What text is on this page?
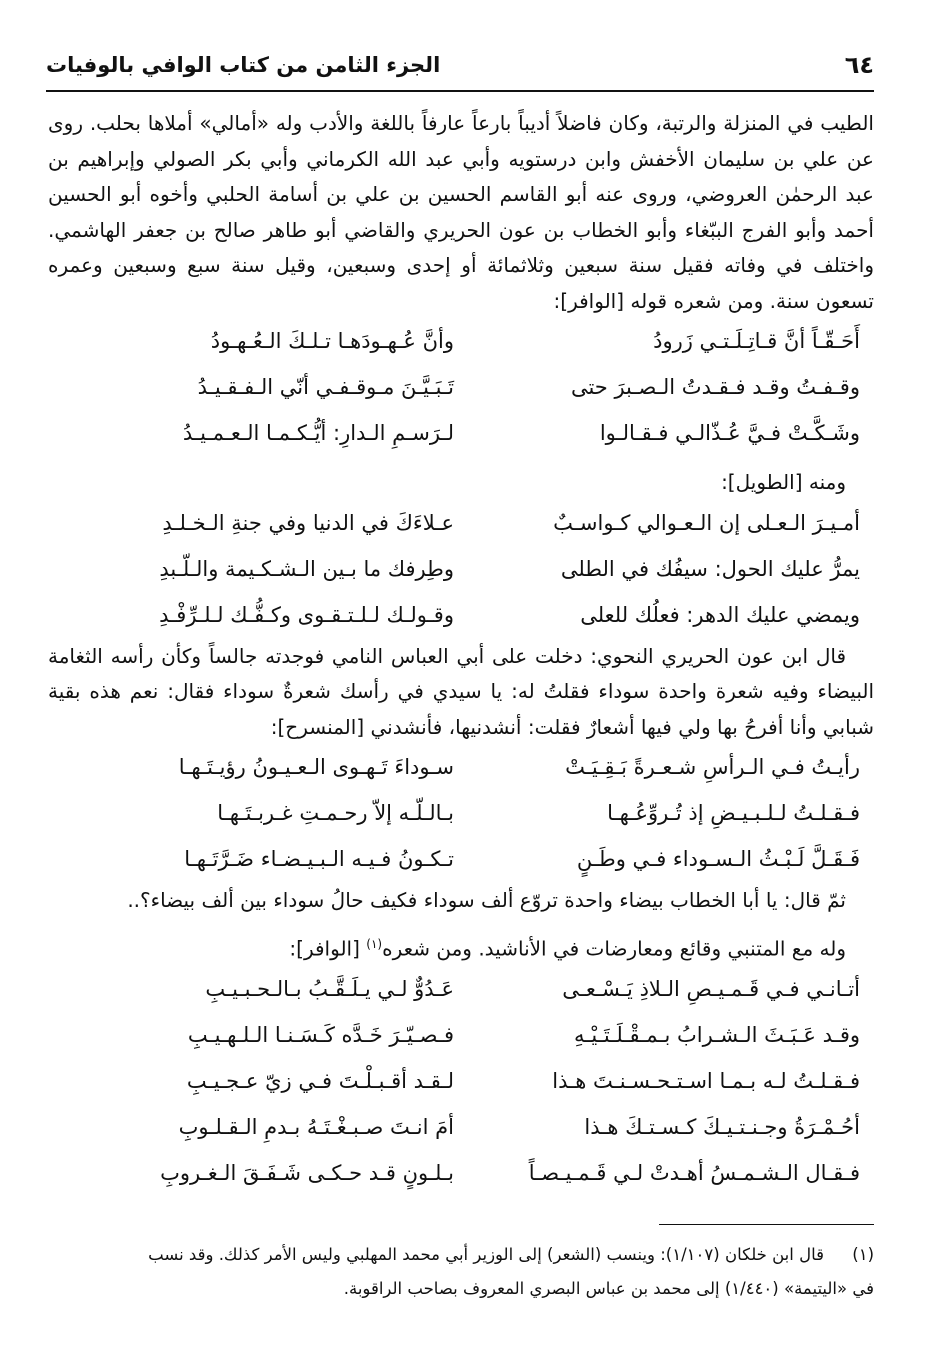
٦٤
الجزء الثامن من كتاب الوافي بالوفيات

الطيب في المنزلة والرتبة، وكان فاضلاً أديباً بارعاً عارفاً باللغة والأدب وله «أمالي» أملاها بحلب. روى عن علي بن سليمان الأخفش وابن درستويه وأبي عبد الله الكرماني وأبي بكر الصولي وإبراهيم بن عبد الرحمٰن العروضي، وروى عنه أبو القاسم الحسين بن علي بن أسامة الحلبي وأخوه أبو الحسين أحمد وأبو الفرج الببّغاء وأبو الخطاب بن عون الحريري والقاضي أبو طاهر صالح بن جعفر الهاشمي. واختلف في وفاته فقيل سنة سبعين وثلاثمائة أو إحدى وسبعين، وقيل سنة سبع وسبعين وعمره تسعون سنة. ومن شعره قوله [الوافر]:

أَحَـقّـاً أنَّ قـاتِـلَـتـي زَرودُ
وأنَّ عُـهـودَهـا تـلـكَ الـعُـهـودُ
وقـفـتُ وقـد فـقـدتُ الـصـبرَ حتى
تَـبَـيَّـنَ مـوقـفـي أنّي الـفـقـيـدُ
وشَـكَّـتْ فـيَّ عُـذّالـي فـقـالـوا
لـرَسـمِ الـدارِ: أيُّـكـمـا الـعـمـيـدُ

ومنه [الطويل]:

أمـيـرَ الـعـلى إن الـعـوالي كـواسـبٌ
عـلاءَكَ في الدنيا وفي جنةِ الـخـلـدِ
يمرُّ عليك الحول: سيفُك في الطلى
وطِرفك ما بـين الـشـكـيمة والـلّـبدِ
ويمضي عليك الدهر: فعلُك للعلى
وقـولـك لـلـتـقـوى وكـفُّـك لـلـرِّفْـدِ

قال ابن عون الحريري النحوي: دخلت على أبي العباس النامي فوجدته جالساً وكأن رأسه الثغامة البيضاء وفيه شعرة واحدة سوداء فقلتُ له: يا سيدي في رأسك شعرةٌ سوداء فقال: نعم هذه بقية شبابي وأنا أفرحُ بها ولي فيها أشعارٌ فقلت: أنشدنيها، فأنشدني [المنسرح]:

رأيـتُ فـي الـرأسِ شـعـرةً بَـقِـيَـتْ
سـوداءَ تَـهـوى الـعـيـونُ رؤيـتَـهـا
فـقـلـتُ لـلـبـيـضِ إذ تُـروِّعُـهـا
بـالـلّـه إلاّ رحـمـتِ غـربـتَـهـا
فَـقَـلَّ لَـبْـثُ الـسـوداء فـي وطَـنٍ
تـكـونُ فـيـه الـبـيـضـاء ضَـرَّتَـهـا

ثمّ قال: يا أبا الخطاب بيضاء واحدة تروّع ألف سوداء فكيف حالُ سوداء بين ألف بيضاء؟..

وله مع المتنبي وقائع ومعارضات في الأناشيد. ومن شعره$^{(١)}$ [الوافر]:

أتـانـي فـي قَـمـيـصِ الـلاذِ يَـسْـعـى
عَـدُوٌّ لـي يـلَـقَّـبُ بـالـحـبـيـبِ
وقـد عَـبَـثَ الـشـرابُ بـمـقْـلَـتَـيْـهِ
فـصـيّـرَ خَـدَّه كَـسَـنـا الـلـهـيـبِ
فـقـلـتُ لـه بـمـا اسـتـحـسـنـتَ هـذا
لـقـد أقـبـلْـتَ فـي زيّ عـجـيـبِ
أحُـمْـرَةُ وجـنـتـيـكَ كـسـتـكَ هـذا
أمَ انـتَ صـبـغْـتَـهُ بـدمِ الـقـلـوبِ
فـقـال الـشـمـسُ أهـدتْ لـي قَـمـيـصـاً
بـلـونٍ قـد حـكـى شَـفَـقَ الـغـروبِ
(١)
قال ابن خلكان (١/١٠٧): وينسب (الشعر) إلى الوزير أبي محمد المهلبي وليس الأمر كذلك. وقد نسب
في «اليتيمة» (١/٤٤٠) إلى محمد بن عباس البصري المعروف بصاحب الراقوبة.
